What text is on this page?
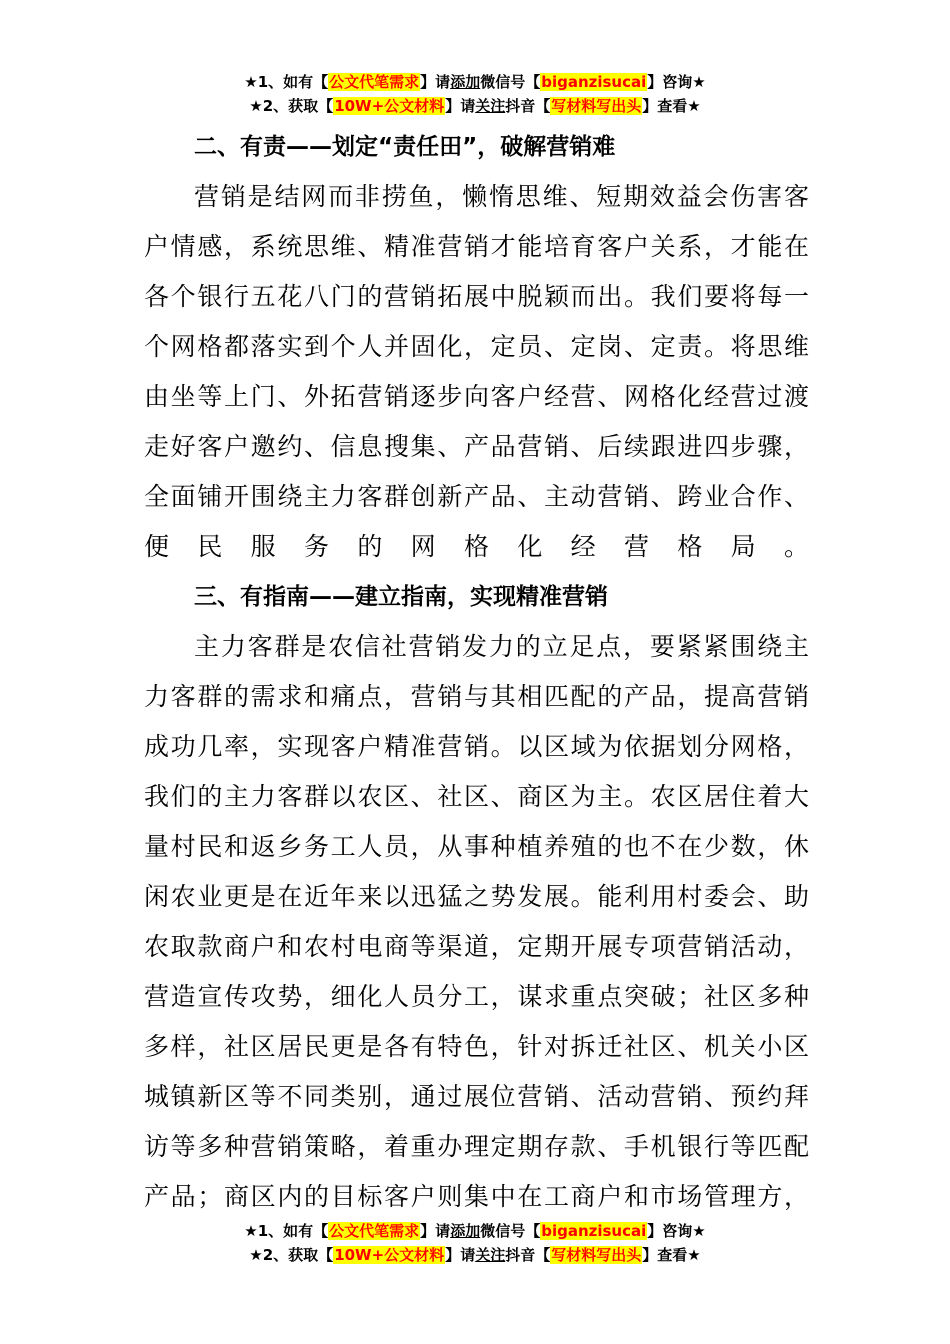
★1、如有【公文代笔需求】请添加微信号【biganzisucai】咨询★
★2、获取【10W+公文材料】请关注抖音【写材料写出头】查看★

二、有责——划定“责任田”，破解营销难

营销是结网而非捞鱼，懒惰思维、短期效益会伤害客
户情感，系统思维、精准营销才能培育客户关系，才能在
各个银行五花八门的营销拓展中脱颖而出。我们要将每一
个网格都落实到个人并固化，定员、定岗、定责。将思维
由坐等上门、外拓营销逐步向客户经营、网格化经营过渡
走好客户邀约、信息搜集、产品营销、后续跟进四步骤，
全面铺开围绕主力客群创新产品、主动营销、跨业合作、
便民服务的网格化经营格局。

三、有指南——建立指南，实现精准营销

主力客群是农信社营销发力的立足点，要紧紧围绕主
力客群的需求和痛点，营销与其相匹配的产品，提高营销
成功几率，实现客户精准营销。以区域为依据划分网格，
我们的主力客群以农区、社区、商区为主。农区居住着大
量村民和返乡务工人员，从事种植养殖的也不在少数，休
闲农业更是在近年来以迅猛之势发展。能利用村委会、助
农取款商户和农村电商等渠道，定期开展专项营销活动，
营造宣传攻势，细化人员分工，谋求重点突破；社区多种
多样，社区居民更是各有特色，针对拆迁社区、机关小区
城镇新区等不同类别，通过展位营销、活动营销、预约拜
访等多种营销策略，着重办理定期存款、手机银行等匹配
产品；商区内的目标客户则集中在工商户和市场管理方，

★1、如有【公文代笔需求】请添加微信号【biganzisucai】咨询★
★2、获取【10W+公文材料】请关注抖音【写材料写出头】查看★
